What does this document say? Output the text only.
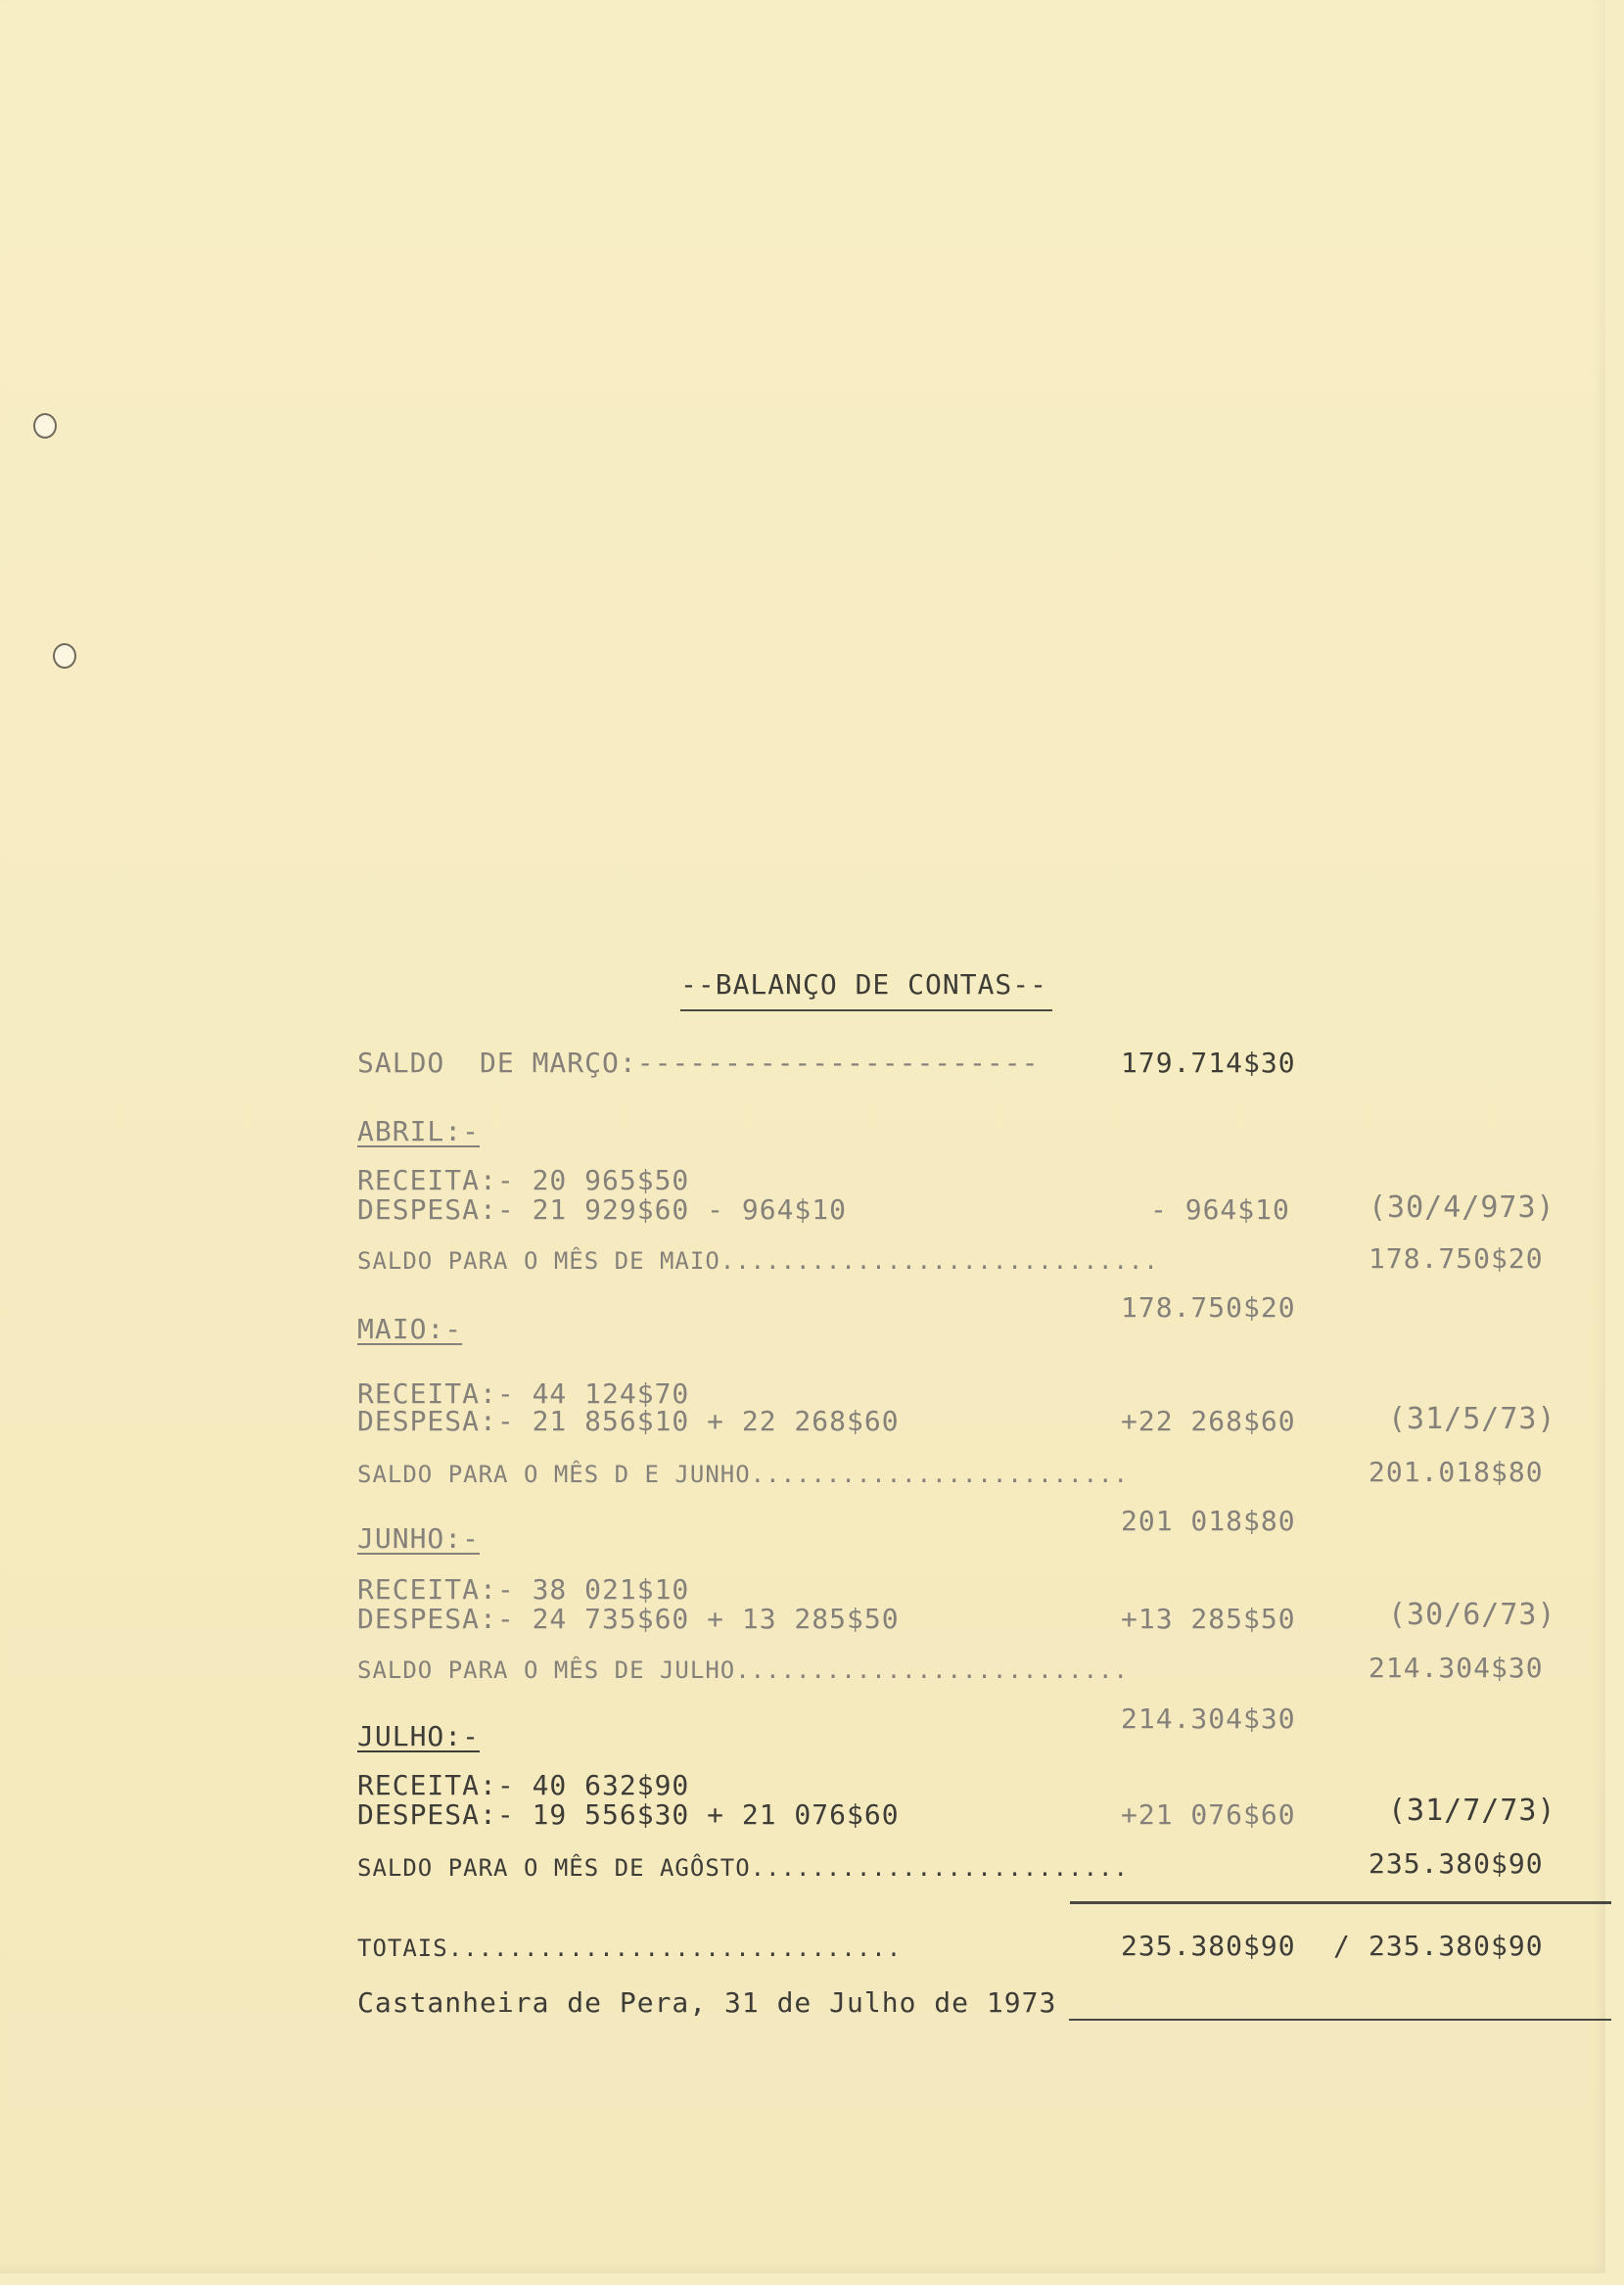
--BALANÇO DE CONTAS--
SALDO  DE MARÇO:-----------------------	179.714$30
ABRIL:-
RECEITA:- 20 965$50
DESPESA:- 21 929$60 - 964$10	- 964$10	(30/4/973)
SALDO PARA O MÊS DE MAIO.............................	178.750$20
178.750$20
MAIO:-
RECEITA:- 44 124$70
DESPESA:- 21 856$10 + 22 268$60	+22 268$60	(31/5/73)
SALDO PARA O MÊS D E JUNHO.........................	201.018$80
201 018$80
JUNHO:-
RECEITA:- 38 021$10
DESPESA:- 24 735$60 + 13 285$50	+13 285$50	(30/6/73)
SALDO PARA O MÊS DE JULHO..........................	214.304$30
214.304$30
JULHO:-
RECEITA:- 40 632$90
DESPESA:- 19 556$30 + 21 076$60	+21 076$60	(31/7/73)
SALDO PARA O MÊS DE AGÔSTO.........................	235.380$90
TOTAIS..............................	235.380$90 / 235.380$90
Castanheira de Pera, 31 de Julho de 1973
